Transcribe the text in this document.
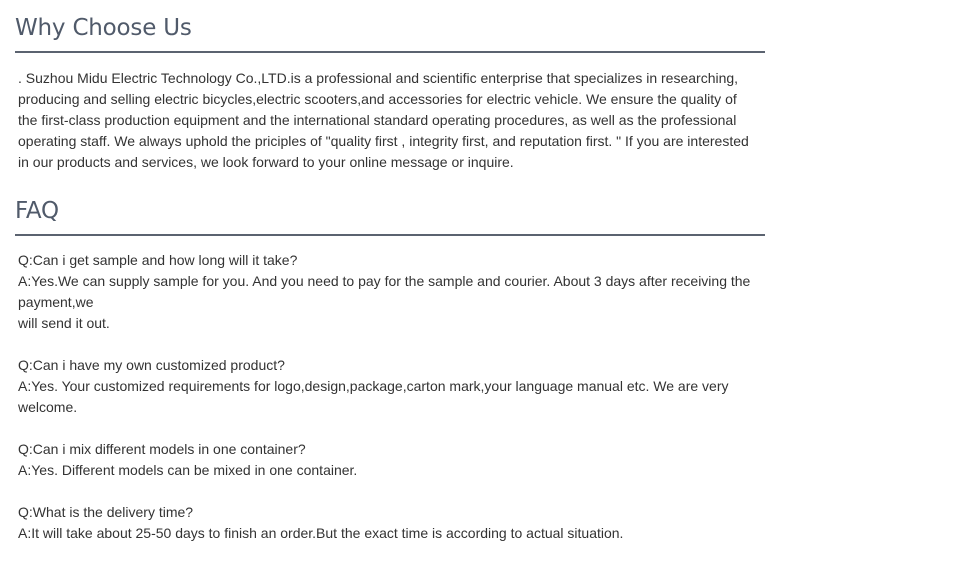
Why Choose Us

. Suzhou Midu Electric Technology Co.,LTD.is a professional and scientific enterprise that specializes in researching, producing and selling electric bicycles,electric scooters,and accessories for electric vehicle. We ensure the quality of the first-class production equipment and the international standard operating procedures, as well as the professional operating staff. We always uphold the priciples of "quality first , integrity first, and reputation first. " If you are interested in our products and services, we look forward to your online message or inquire.

FAQ
Q:Can i get sample and how long will it take?
A:Yes.We can supply sample for you. And you need to pay for the sample and courier. About 3 days after receiving the payment,we
will send it out.
Q:Can i have my own customized product?
A:Yes. Your customized requirements for logo,design,package,carton mark,your language manual etc. We are very welcome.
Q:Can i mix different models in one container?
A:Yes. Different models can be mixed in one container.
Q:What is the delivery time?
A:It will take about 25-50 days to finish an order.But the exact time is according to actual situation.
